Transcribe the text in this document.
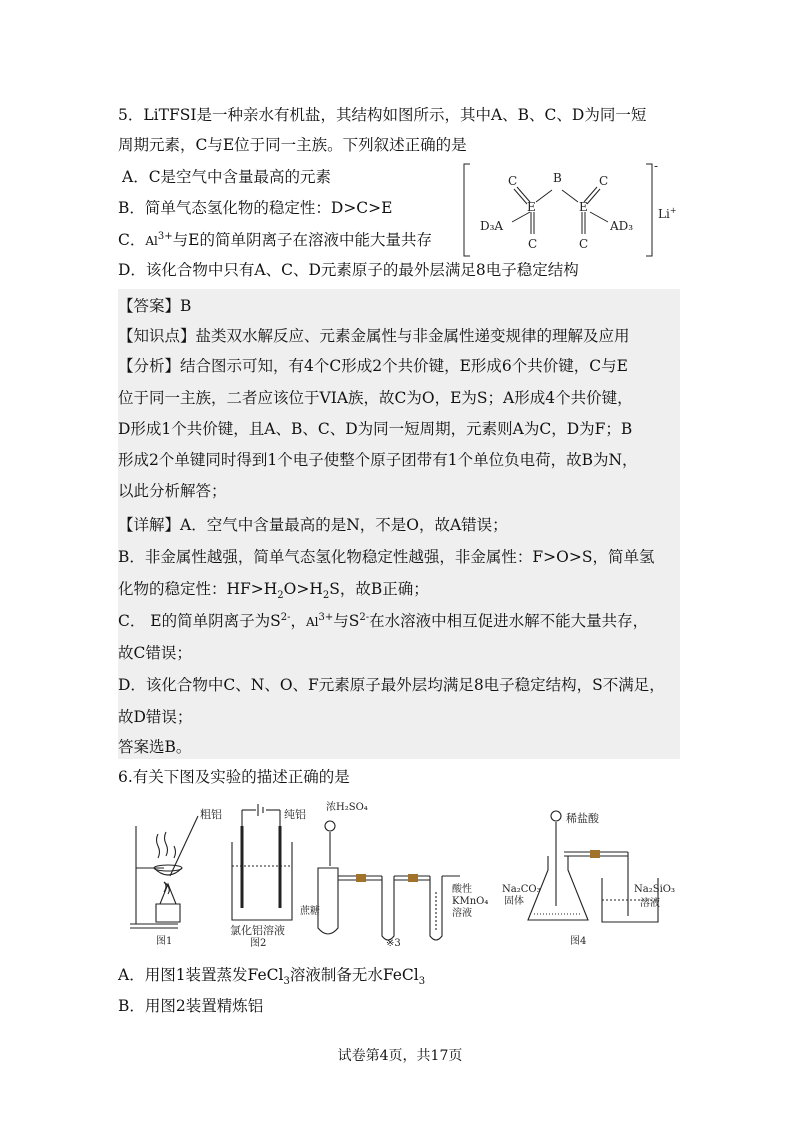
5．LiTFSI是一种亲水有机盐，其结构如图所示，其中A、B、C、D为同一短
周期元素，C与E位于同一主族。下列叙述正确的是
A．C是空气中含量最高的元素
B．简单气态氢化物的稳定性：D>C>E
C．$Al^{3+}$与E的简单阴离子在溶液中能大量共存
D．该化合物中只有A、C、D元素原子的最外层满足8电子稳定结构
C	B	C
E	E
D₃A	AD₃
C	C
-
Li+
【答案】B
【知识点】盐类双水解反应、元素金属性与非金属性递变规律的理解及应用
【分析】结合图示可知，有4个C形成2个共价键，E形成6个共价键，C与E
位于同一主族，二者应该位于VIA族，故C为O，E为S；A形成4个共价键，
D形成1个共价键，且A、B、C、D为同一短周期，元素则A为C，D为F；B
形成2个单键同时得到1个电子使整个原子团带有1个单位负电荷，故B为N，
以此分析解答；
【详解】A．空气中含量最高的是N，不是O，故A错误；
B．非金属性越强，简单气态氢化物稳定性越强，非金属性：F>O>S，简单氢
化物的稳定性：$HF>H_2O>H_2S$，故B正确；
C． E的简单阴离子为$S^{2-}$，$Al^{3+}$与$S^{2-}$在水溶液中相互促进水解不能大量共存，
故C错误；
D．该化合物中C、N、O、F元素原子最外层均满足8电子稳定结构，S不满足，
故D错误；
答案选B。
6.有关下图及实验的描述正确的是
图1
粗铝	纯铝
氯化铝溶液
图2
浓H₂SO₄
蔗糖
酸性
KMnO₄
溶液
※3
稀盐酸
Na₂CO₃
固体
Na₂SiO₃
溶液
图4
A．用图1装置蒸发FeCl$_3$溶液制备无水FeCl$_3$
B．用图2装置精炼铝
试卷第4页，共17页
